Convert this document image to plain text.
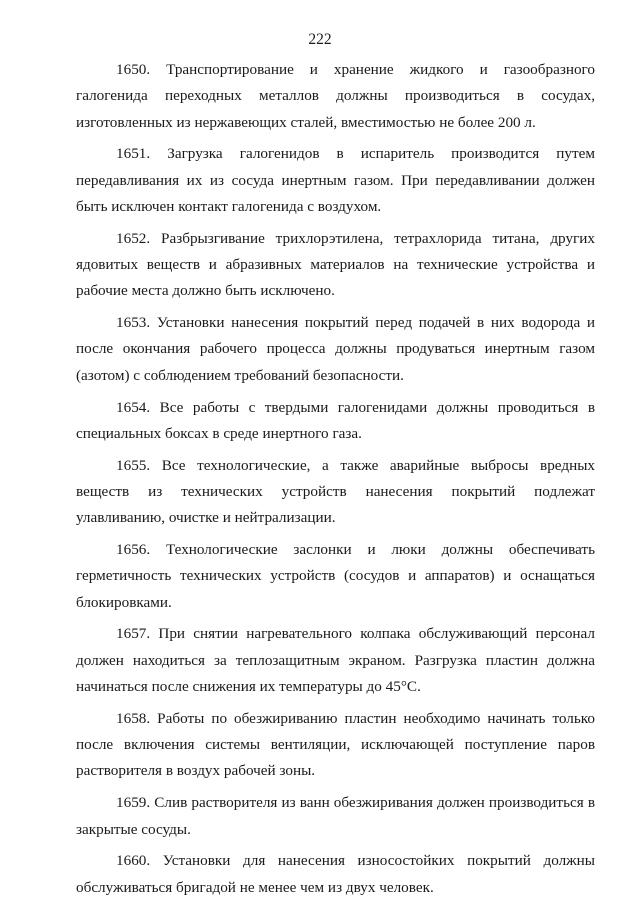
222

1650. Транспортирование и хранение жидкого и газообразного галогенида переходных металлов должны производиться в сосудах, изготовленных из нержавеющих сталей, вместимостью не более 200 л.

1651. Загрузка галогенидов в испаритель производится путем передавливания их из сосуда инертным газом. При передавливании должен быть исключен контакт галогенида с воздухом.

1652. Разбрызгивание трихлорэтилена, тетрахлорида титана, других ядовитых веществ и абразивных материалов на технические устройства и рабочие места должно быть исключено.

1653. Установки нанесения покрытий перед подачей в них водорода и после окончания рабочего процесса должны продуваться инертным газом (азотом) с соблюдением требований безопасности.

1654. Все работы с твердыми галогенидами должны проводиться в специальных боксах в среде инертного газа.

1655. Все технологические, а также аварийные выбросы вредных веществ из технических устройств нанесения покрытий подлежат улавливанию, очистке и нейтрализации.

1656. Технологические заслонки и люки должны обеспечивать герметичность технических устройств (сосудов и аппаратов) и оснащаться блокировками.

1657. При снятии нагревательного колпака обслуживающий персонал должен находиться за теплозащитным экраном. Разгрузка пластин должна начинаться после снижения их температуры до 45°C.

1658. Работы по обезжириванию пластин необходимо начинать только после включения системы вентиляции, исключающей поступление паров растворителя в воздух рабочей зоны.

1659. Слив растворителя из ванн обезжиривания должен производиться в закрытые сосуды.

1660. Установки для нанесения износостойких покрытий должны обслуживаться бригадой не менее чем из двух человек.
